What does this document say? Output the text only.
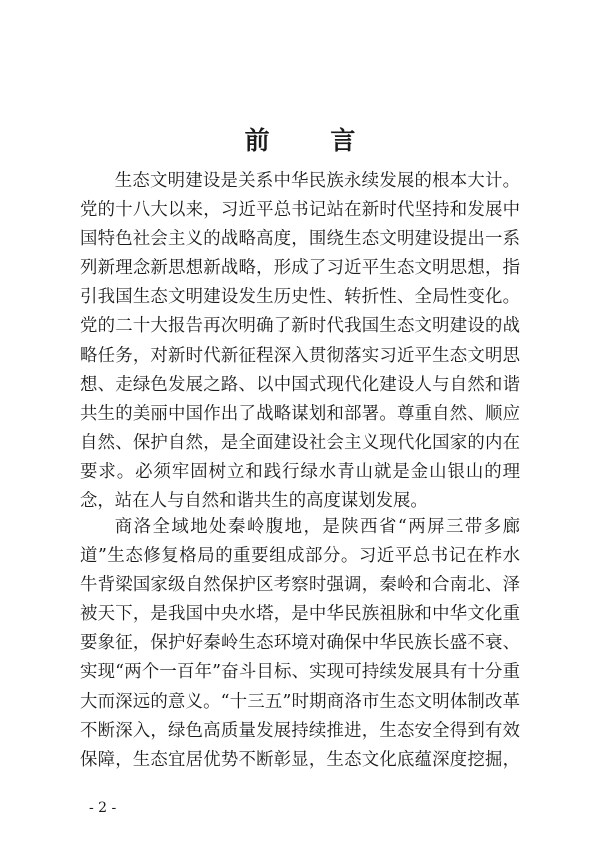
前 言

生态文明建设是关系中华民族永续发展的根本大计。党的十八大以来，习近平总书记站在新时代坚持和发展中国特色社会主义的战略高度，围绕生态文明建设提出一系列新理念新思想新战略，形成了习近平生态文明思想，指引我国生态文明建设发生历史性、转折性、全局性变化。党的二十大报告再次明确了新时代我国生态文明建设的战略任务，对新时代新征程深入贯彻落实习近平生态文明思想、走绿色发展之路、以中国式现代化建设人与自然和谐共生的美丽中国作出了战略谋划和部署。尊重自然、顺应自然、保护自然，是全面建设社会主义现代化国家的内在要求。必须牢固树立和践行绿水青山就是金山银山的理念，站在人与自然和谐共生的高度谋划发展。

商洛全域地处秦岭腹地，是陕西省“两屏三带多廊道”生态修复格局的重要组成部分。习近平总书记在柞水牛背梁国家级自然保护区考察时强调，秦岭和合南北、泽被天下，是我国中央水塔，是中华民族祖脉和中华文化重要象征，保护好秦岭生态环境对确保中华民族长盛不衰、实现“两个一百年”奋斗目标、实现可持续发展具有十分重大而深远的意义。“十三五”时期商洛市生态文明体制改革不断深入，绿色高质量发展持续推进，生态安全得到有效保障，生态宜居优势不断彰显，生态文化底蕴深度挖掘，

- 2 -
